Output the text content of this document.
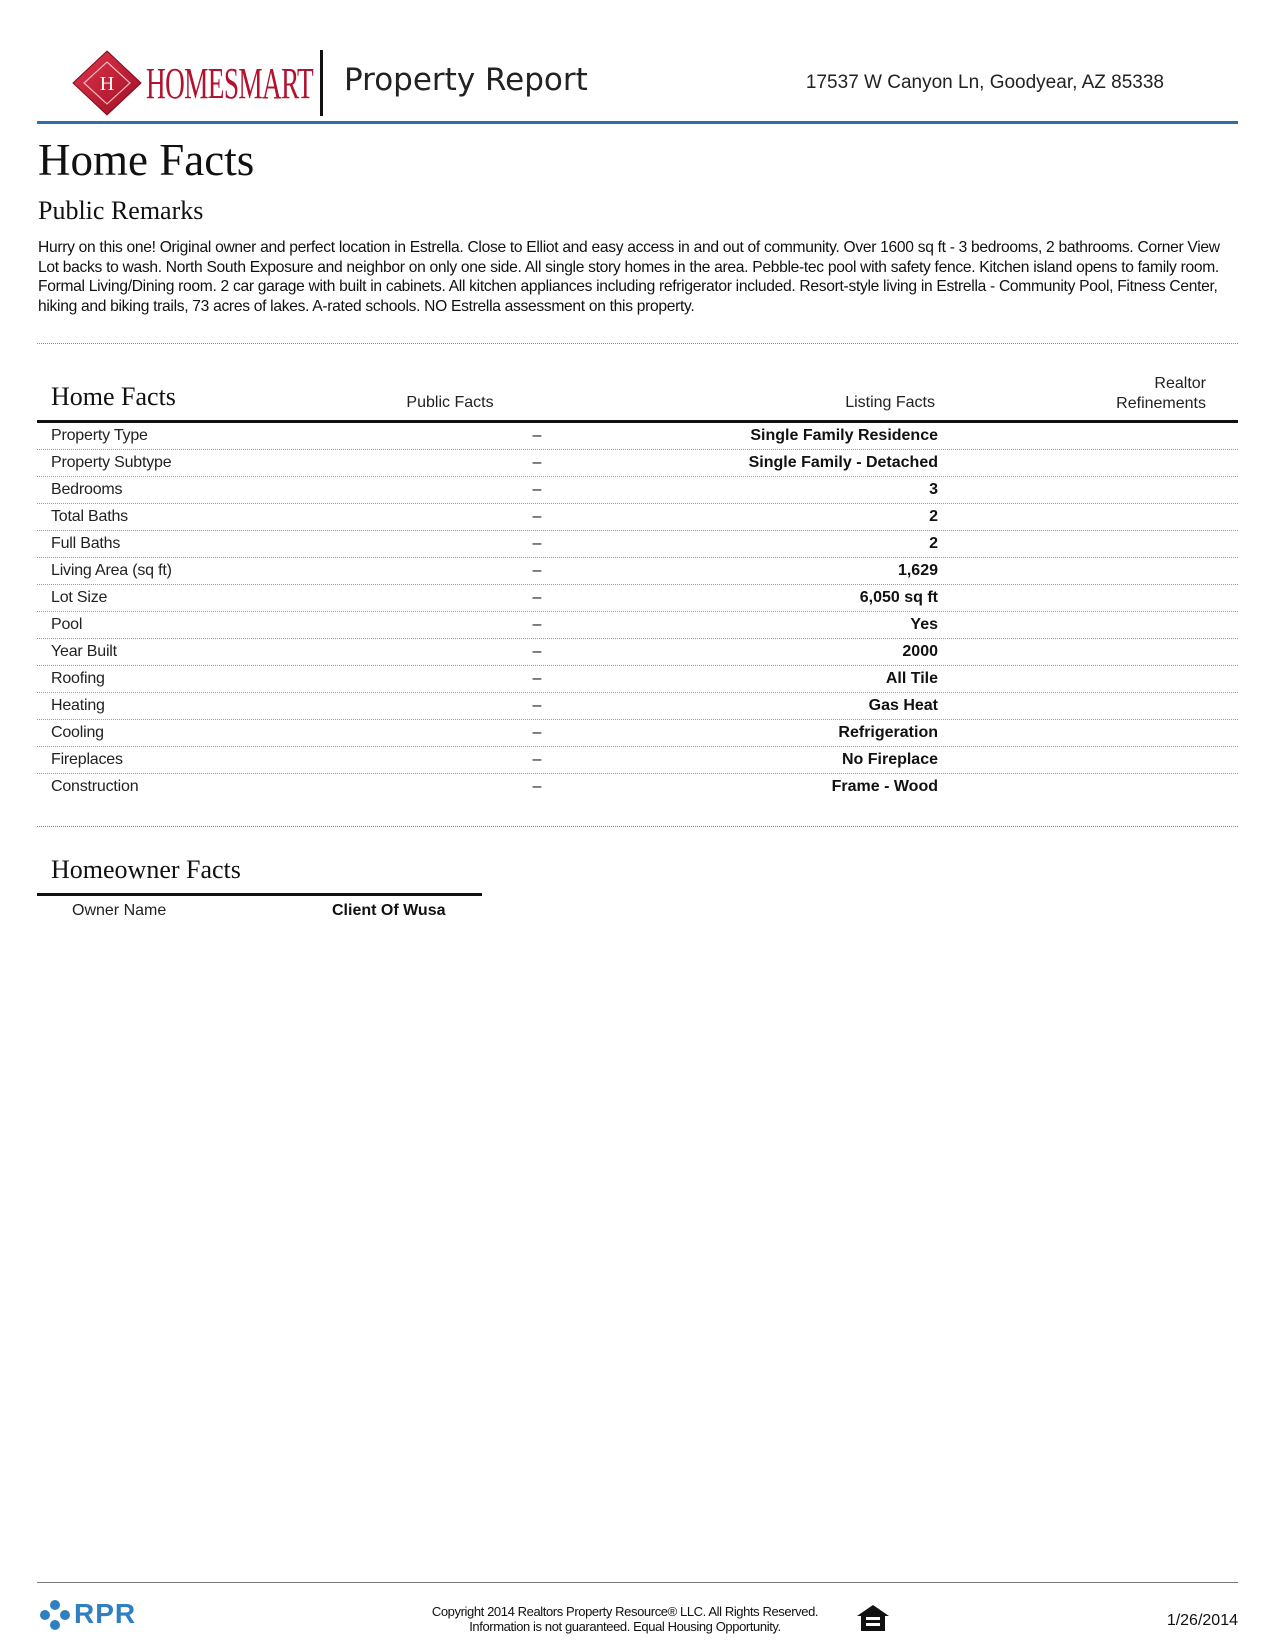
H HOMESMART Property Report	17537 W Canyon Ln, Goodyear, AZ 85338
Home Facts
Public Remarks
Hurry on this one! Original owner and perfect location in Estrella. Close to Elliot and easy access in and out of community. Over 1600 sq ft - 3 bedrooms, 2 bathrooms. Corner View Lot backs to wash. North South Exposure and neighbor on only one side. All single story homes in the area. Pebble-tec pool with safety fence. Kitchen island opens to family room. Formal Living/Dining room. 2 car garage with built in cabinets. All kitchen appliances including refrigerator included. Resort-style living in Estrella - Community Pool, Fitness Center, hiking and biking trails, 73 acres of lakes. A-rated schools. NO Estrella assessment on this property.
Home Facts	Public Facts	Listing Facts
Realtor
Refinements
Property Type	–	Single Family Residence
Property Subtype	–	Single Family - Detached
Bedrooms	–	3
Total Baths	–	2
Full Baths	–	2
Living Area (sq ft)	–	1,629
Lot Size	–	6,050 sq ft
Pool	–	Yes
Year Built	–	2000
Roofing	–	All Tile
Heating	–	Gas Heat
Cooling	–	Refrigeration
Fireplaces	–	No Fireplace
Construction	–	Frame - Wood
Homeowner Facts
Owner Name	Client Of Wusa
RPR	Copyright 2014 Realtors Property Resource® LLC. All Rights Reserved.
Information is not guaranteed. Equal Housing Opportunity.	1/26/2014
